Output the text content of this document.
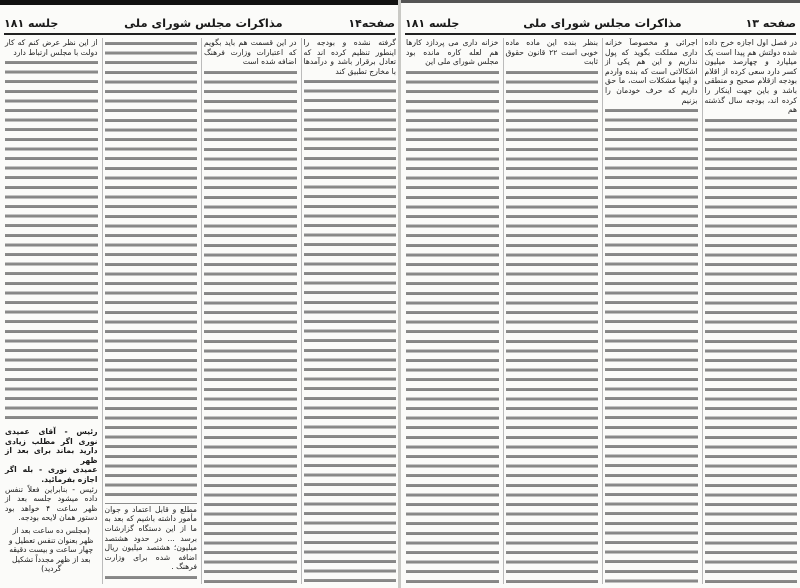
صفحه۱۴
مذاکرات مجلس شورای ملی
جلسه ۱۸۱

گرفته نشده و بودجه را اینطور تنظیم کرده اند که تعادل برقرار باشد و درآمدها با مخارج تطبیق کند

در این قسمت هم باید بگویم که اعتبارات وزارت فرهنگ اضافه شده است

مطلع و قابل اعتماد و جوان مأمور داشته باشیم که بعد به ما از این دستگاه گزارشات برسد ... در حدود هشتصد میلیون؛ هشتصد میلیون ریال اضافه شده برای وزارت فرهنگ .

از این نظر عرض کنم که کار دولت با مجلس ارتباط دارد

رئیس - آقای عمیدی نوری اگر مطلب زیادی دارید بماند برای بعد از ظهر

عمیدی نوری - بله اگر اجازه بفرمائید.

رئیس - بنابراین فعلاً تنفس داده میشود جلسه بعد از ظهر ساعت ۴ خواهد بود دستور همان لایحه بودجه.

(مجلس ده ساعت بعد از ظهر بعنوان تنفس تعطیل و چهار ساعت و بیست دقیقه بعد از ظهر مجدداً تشکیل گردید)

صفحه ۱۳
مذاکرات مجلس شورای ملی
جلسه ۱۸۱

در فصل اول اجازه خرج داده شده دولتش هم پیدا است یک میلیارد و چهارصد میلیون کسر دارد سعی کرده از اقلام بودجه ازقلام صحیح و منطقی باشد و باین جهت اینکار را کرده اند، بودجه سال گذشته هم

اجرائی و مخصوصاً خزانه داری مملکت بگوید که پول نداریم و این هم یکی از اشکالاتی است که بنده واردم و اینها مشکلات است، ما حق داریم که حرف خودمان را بزنیم

بنظر بنده این ماده ماده خوبی است ۲۲ قانون حقوق ثابت

خزانه داری می پردازد کارها هم لعله کاره مانده بود مجلس شورای ملی این
